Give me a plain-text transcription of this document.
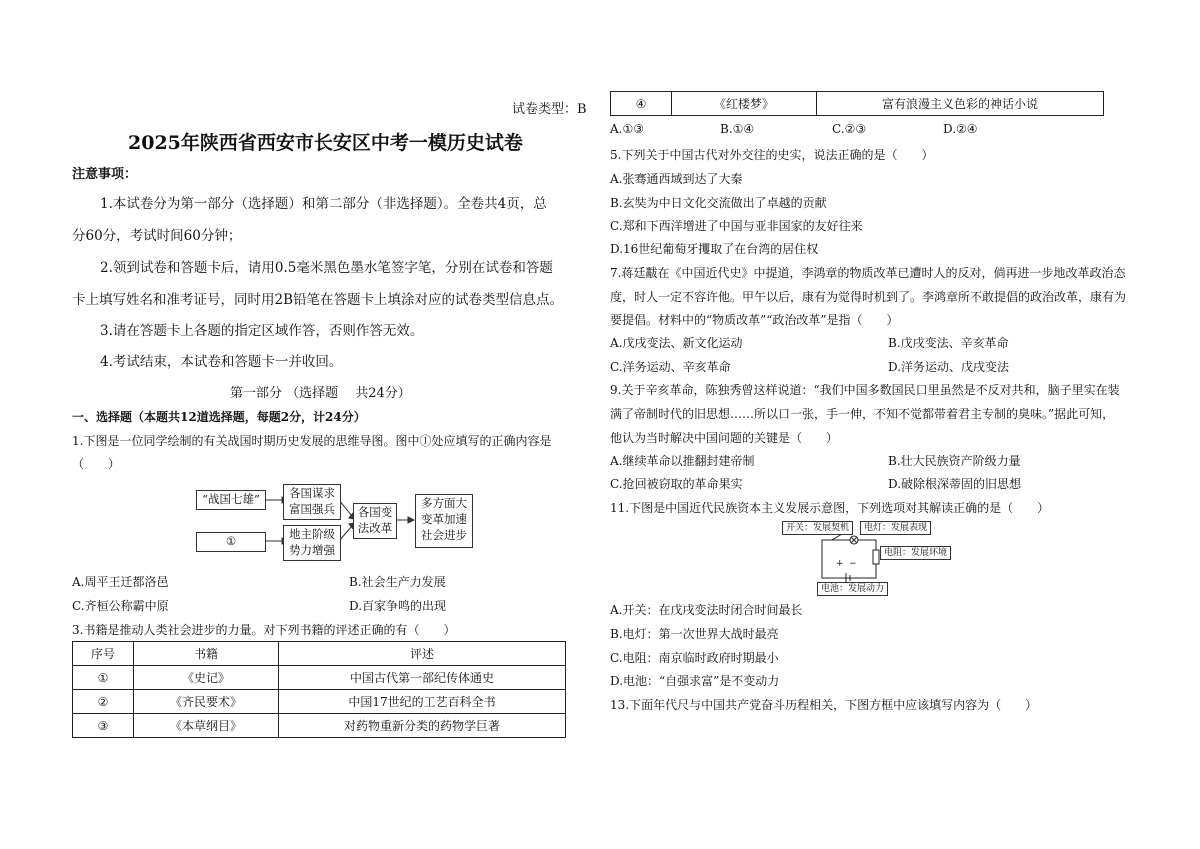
试卷类型：B
2025年陕西省西安市长安区中考一模历史试卷
注意事项：
1.本试卷分为第一部分（选择题）和第二部分（非选择题）。全卷共4页，总
分60分，考试时间60分钟；
2.领到试卷和答题卡后，请用0.5毫米黑色墨水笔签字笔，分别在试卷和答题
卡上填写姓名和准考证号，同时用2B铅笔在答题卡上填涂对应的试卷类型信息点。
3.请在答题卡上各题的指定区域作答，否则作答无效。
4.考试结束，本试卷和答题卡一并收回。
第一部分 （选择题　 共24分）
一、选择题（本题共12道选择题，每题2分，计24分）
1.下图是一位同学绘制的有关战国时期历史发展的思维导图。图中①处应填写的正确内容是
（　　）
“战国七雄”
①
各国谋求
富国强兵
地主阶级
势力增强
各国变
法改革
多方面大
变革加速
社会进步
A.周平王迁都洛邑	B.社会生产力发展
C.齐桓公称霸中原	D.百家争鸣的出现
3.书籍是推动人类社会进步的力量。对下列书籍的评述正确的有（　　）
序号	书籍	评述
①	《史记》	中国古代第一部纪传体通史
②	《齐民要术》	中国17世纪的工艺百科全书
③	《本草纲目》	对药物重新分类的药物学巨著
④	《红楼梦》	富有浪漫主义色彩的神话小说
A.①③	B.①④	C.②③	D.②④
5.下列关于中国古代对外交往的史实，说法正确的是（　　）
A.张骞通西域到达了大秦
B.玄奘为中日文化交流做出了卓越的贡献
C.郑和下西洋增进了中国与亚非国家的友好往来
D.16世纪葡萄牙攫取了在台湾的居住权
7.蒋廷黻在《中国近代史》中提道，李鸿章的物质改革已遭时人的反对，倘再进一步地改革政治态
度，时人一定不容许他。甲午以后，康有为觉得时机到了。李鸿章所不敢提倡的政治改革，康有为
要提倡。材料中的“物质改革”“政治改革”是指（　　）
A.戊戌变法、新文化运动	B.戊戌变法、辛亥革命
C.洋务运动、辛亥革命	D.洋务运动、戊戌变法
9.关于辛亥革命，陈独秀曾这样说道：“我们中国多数国民口里虽然是不反对共和，脑子里实在装
满了帝制时代的旧思想……所以口一张，手一伸，不知不觉都带着君主专制的臭味。”据此可知，
他认为当时解决中国问题的关键是（　　）
A.继续革命以推翻封建帝制	B.壮大民族资产阶级力量
C.抢回被窃取的革命果实	D.破除根深蒂固的旧思想
11.下图是中国近代民族资本主义发展示意图，下列选项对其解读正确的是（　　）
开关：发展契机	电灯：发展表现
电阻：发展环境
电池：发展动力
+ −
A.开关：在戊戌变法时闭合时间最长
B.电灯：第一次世界大战时最亮
C.电阻：南京临时政府时期最小
D.电池：“自强求富”是不变动力
13.下面年代尺与中国共产党奋斗历程相关，下图方框中应该填写内容为（　　）
